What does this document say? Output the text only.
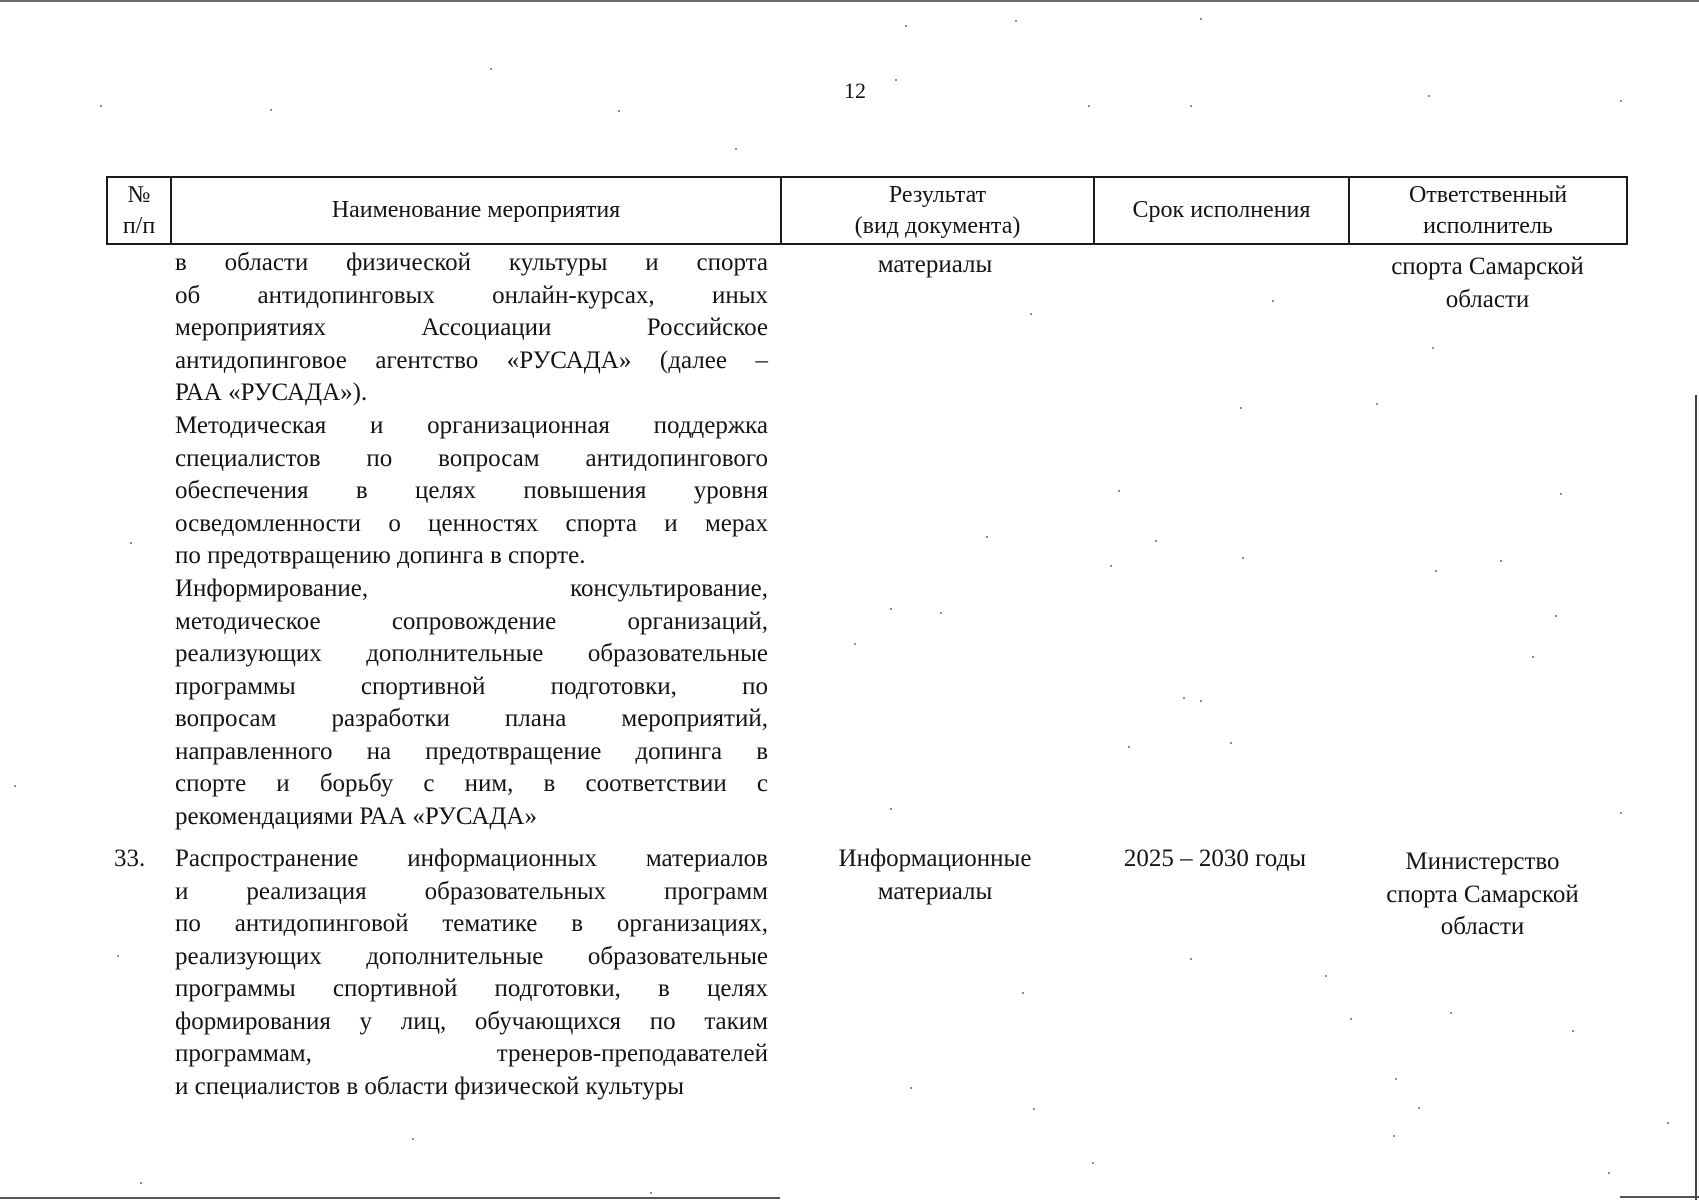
12
№
п/п
Наименование мероприятия
Результат
(вид документа)
Срок исполнения
Ответственный
исполнитель
в области физической культуры и спорта
об антидопинговых онлайн-курсах, иных
мероприятиях Ассоциации Российское
антидопинговое агентство «РУСАДА» (далее –
РАА «РУСАДА»).
Методическая и организационная поддержка
специалистов по вопросам антидопингового
обеспечения в целях повышения уровня
осведомленности о ценностях спорта и мерах
по предотвращению допинга в спорте.
Информирование, консультирование,
методическое сопровождение организаций,
реализующих дополнительные образовательные
программы спортивной подготовки, по
вопросам разработки плана мероприятий,
направленного на предотвращение допинга в
спорте и борьбу с ним, в соответствии с
рекомендациями РАА «РУСАДА»
материалы	спорта Самарской
области
33. Распространение информационных материалов
и реализация образовательных программ
по антидопинговой тематике в организациях,
реализующих дополнительные образовательные
программы спортивной подготовки, в целях
формирования у лиц, обучающихся по таким
программам, тренеров-преподавателей
и специалистов в области физической культуры
Информационные
материалы
2025 – 2030 годы	Министерство
спорта Самарской
области
